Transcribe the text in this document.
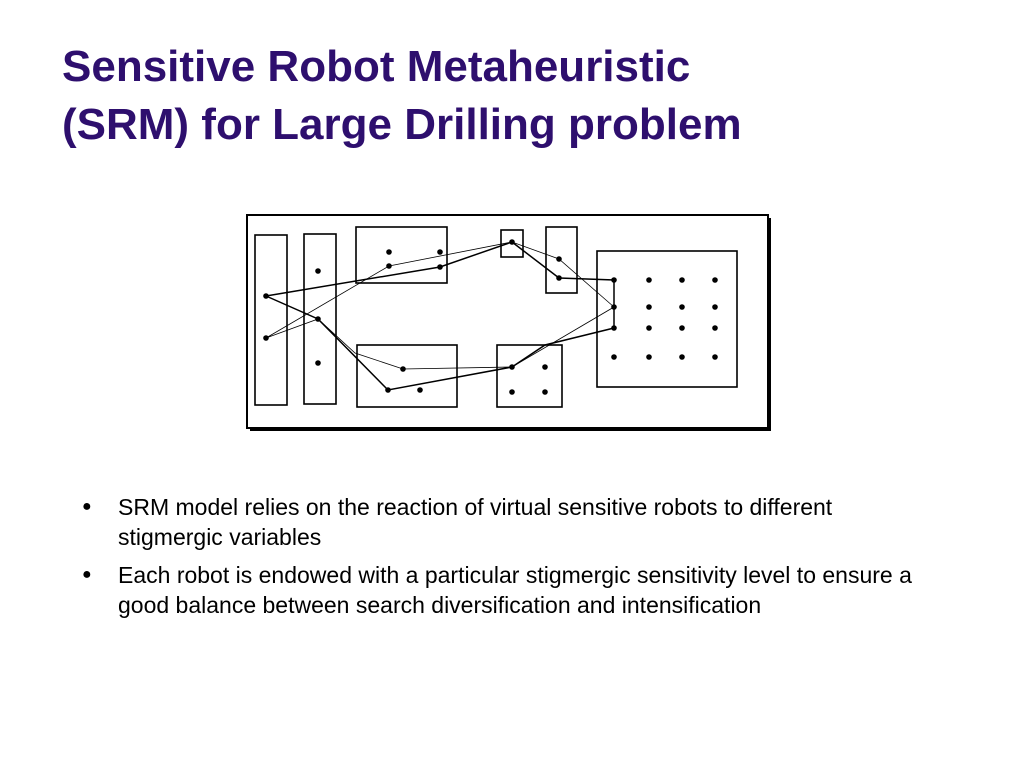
Sensitive Robot Metaheuristic
(SRM) for Large Drilling problem
● SRM model relies on the reaction of virtual sensitive robots to different stigmergic variables
● Each robot is endowed with a particular stigmergic sensitivity level to ensure a good balance between search diversification and intensification
